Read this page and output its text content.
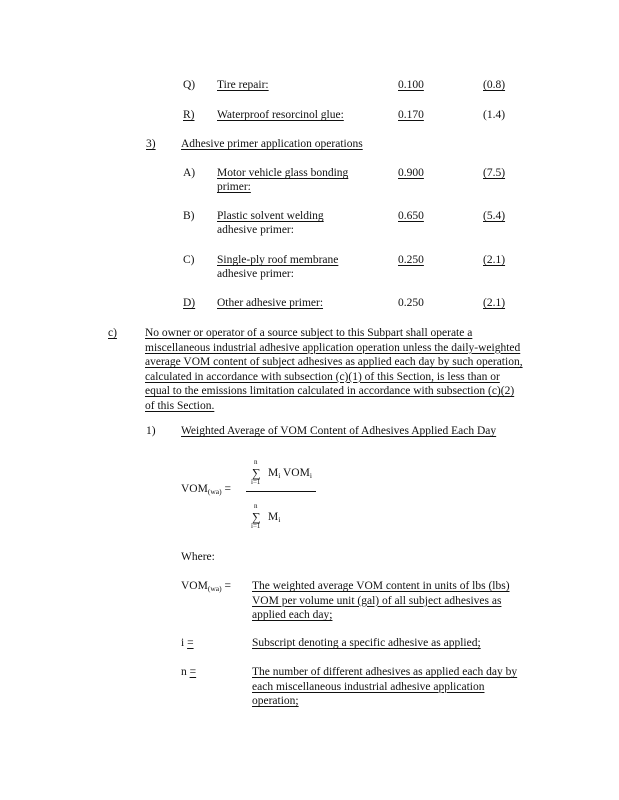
Q) Tire repair:	0.100	(0.8)
R)	Waterproof resorcinol glue:	0.170	(1.4)
3)	Adhesive primer application operations
A) Motor vehicle glass bonding
primer:
0.900	(7.5)
B) Plastic solvent welding
adhesive primer:
0.650	(5.4)
C) Single-ply roof membrane
adhesive primer:
0.250	(2.1)
D) Other adhesive primer:	0.250	(2.1)
c)	No owner or operator of a source subject to this Subpart shall operate a
miscellaneous industrial adhesive application operation unless the daily-weighted
average VOM content of subject adhesives as applied each day by such operation,
calculated in accordance with subsection (c)(1) of this Section, is less than or
equal to the emissions limitation calculated in accordance with subsection (c)(2)
of this Section.
1) Weighted Average of VOM Content of Adhesives Applied Each Day
$VOM_{(wa)}$ =
n
∑
i=1
$M_i$ $VOM_i$
n
∑
i=1
$M_i$
Where:
$VOM_{(wa)}$ = The weighted average VOM content in units of lbs (lbs)
VOM per volume unit (gal) of all subject adhesives as
applied each day;
i =	Subscript denoting a specific adhesive as applied;
n =	The number of different adhesives as applied each day by
each miscellaneous industrial adhesive application
operation;
